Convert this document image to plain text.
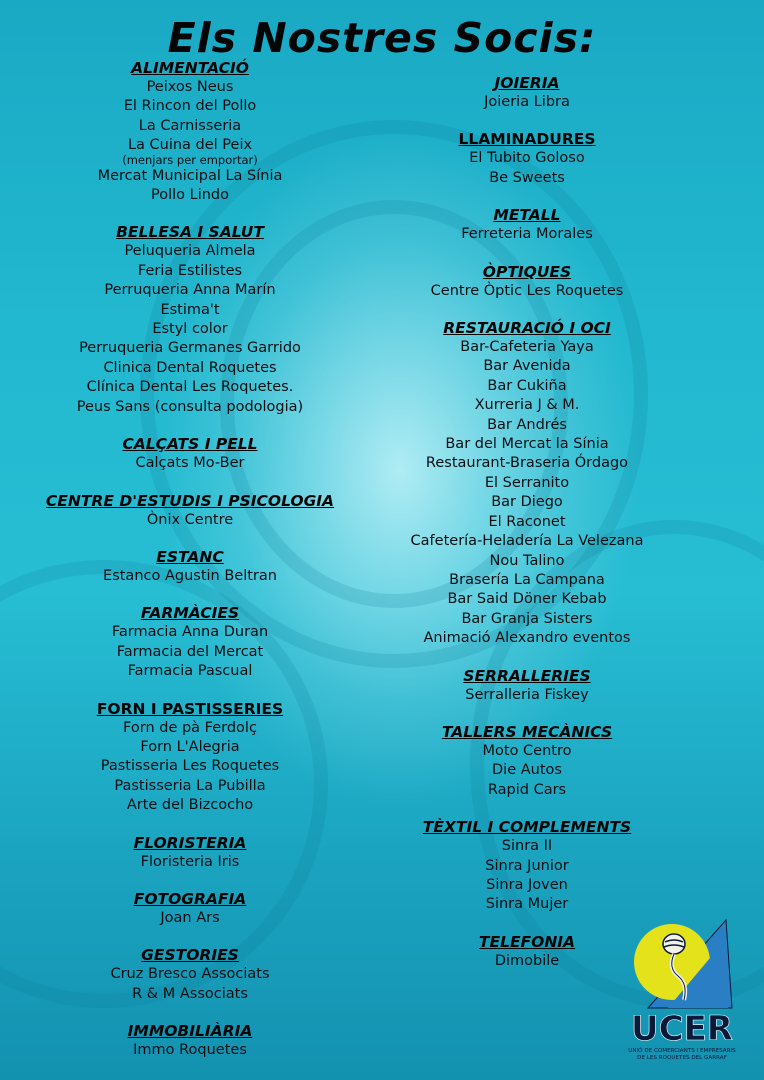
Els Nostres Socis:
ALIMENTACIÓ
Peixos Neus
El Rincon del Pollo
La Carnisseria
La Cuina del Peix
(menjars per emportar)
Mercat Municipal La Sínia
Pollo Lindo
BELLESA I SALUT
Peluqueria Almela
Feria Estilistes
Perruqueria Anna Marín
Estima't
Estyl color
Perruqueria Germanes Garrido
Clinica Dental Roquetes
Clínica Dental Les Roquetes.
Peus Sans (consulta podologia)
CALÇATS I PELL
Calçats Mo-Ber
CENTRE D'ESTUDIS I PSICOLOGIA
Ònix Centre
ESTANC
Estanco Agustin Beltran
FARMÀCIES
Farmacia Anna Duran
Farmacia del Mercat
Farmacia Pascual
FORN I PASTISSERIES
Forn de pà Ferdolç
Forn L'Alegria
Pastisseria Les Roquetes
Pastisseria La Pubilla
Arte del Bizcocho
FLORISTERIA
Floristeria Iris
FOTOGRAFIA
Joan Ars
GESTORIES
Cruz Bresco Associats
R & M Associats
IMMOBILIÀRIA
Immo Roquetes
JOIERIA
Joieria Libra
LLAMINADURES
El Tubito Goloso
Be Sweets
METALL
Ferreteria Morales
ÒPTIQUES
Centre Òptic Les Roquetes
RESTAURACIÓ I OCI
Bar-Cafeteria Yaya
Bar Avenida
Bar Cukiña
Xurreria J & M.
Bar Andrés
Bar del Mercat la Sínia
Restaurant-Braseria Órdago
El Serranito
Bar Diego
El Raconet
Cafetería-Heladería La Velezana
Nou Talino
Brasería La Campana
Bar Said Döner Kebab
Bar Granja Sisters
Animació Alexandro eventos
SERRALLERIES
Serralleria Fiskey
TALLERS MECÀNICS
Moto Centro
Die Autos
Rapid Cars
TÈXTIL I COMPLEMENTS
Sinra II
Sinra Junior
Sinra Joven
Sinra Mujer
TELEFONIA
Dimobile
UCER
UNIÓ DE COMERCIANTS I EMPRESARIS
DE LES ROQUETES DEL GARRAF
